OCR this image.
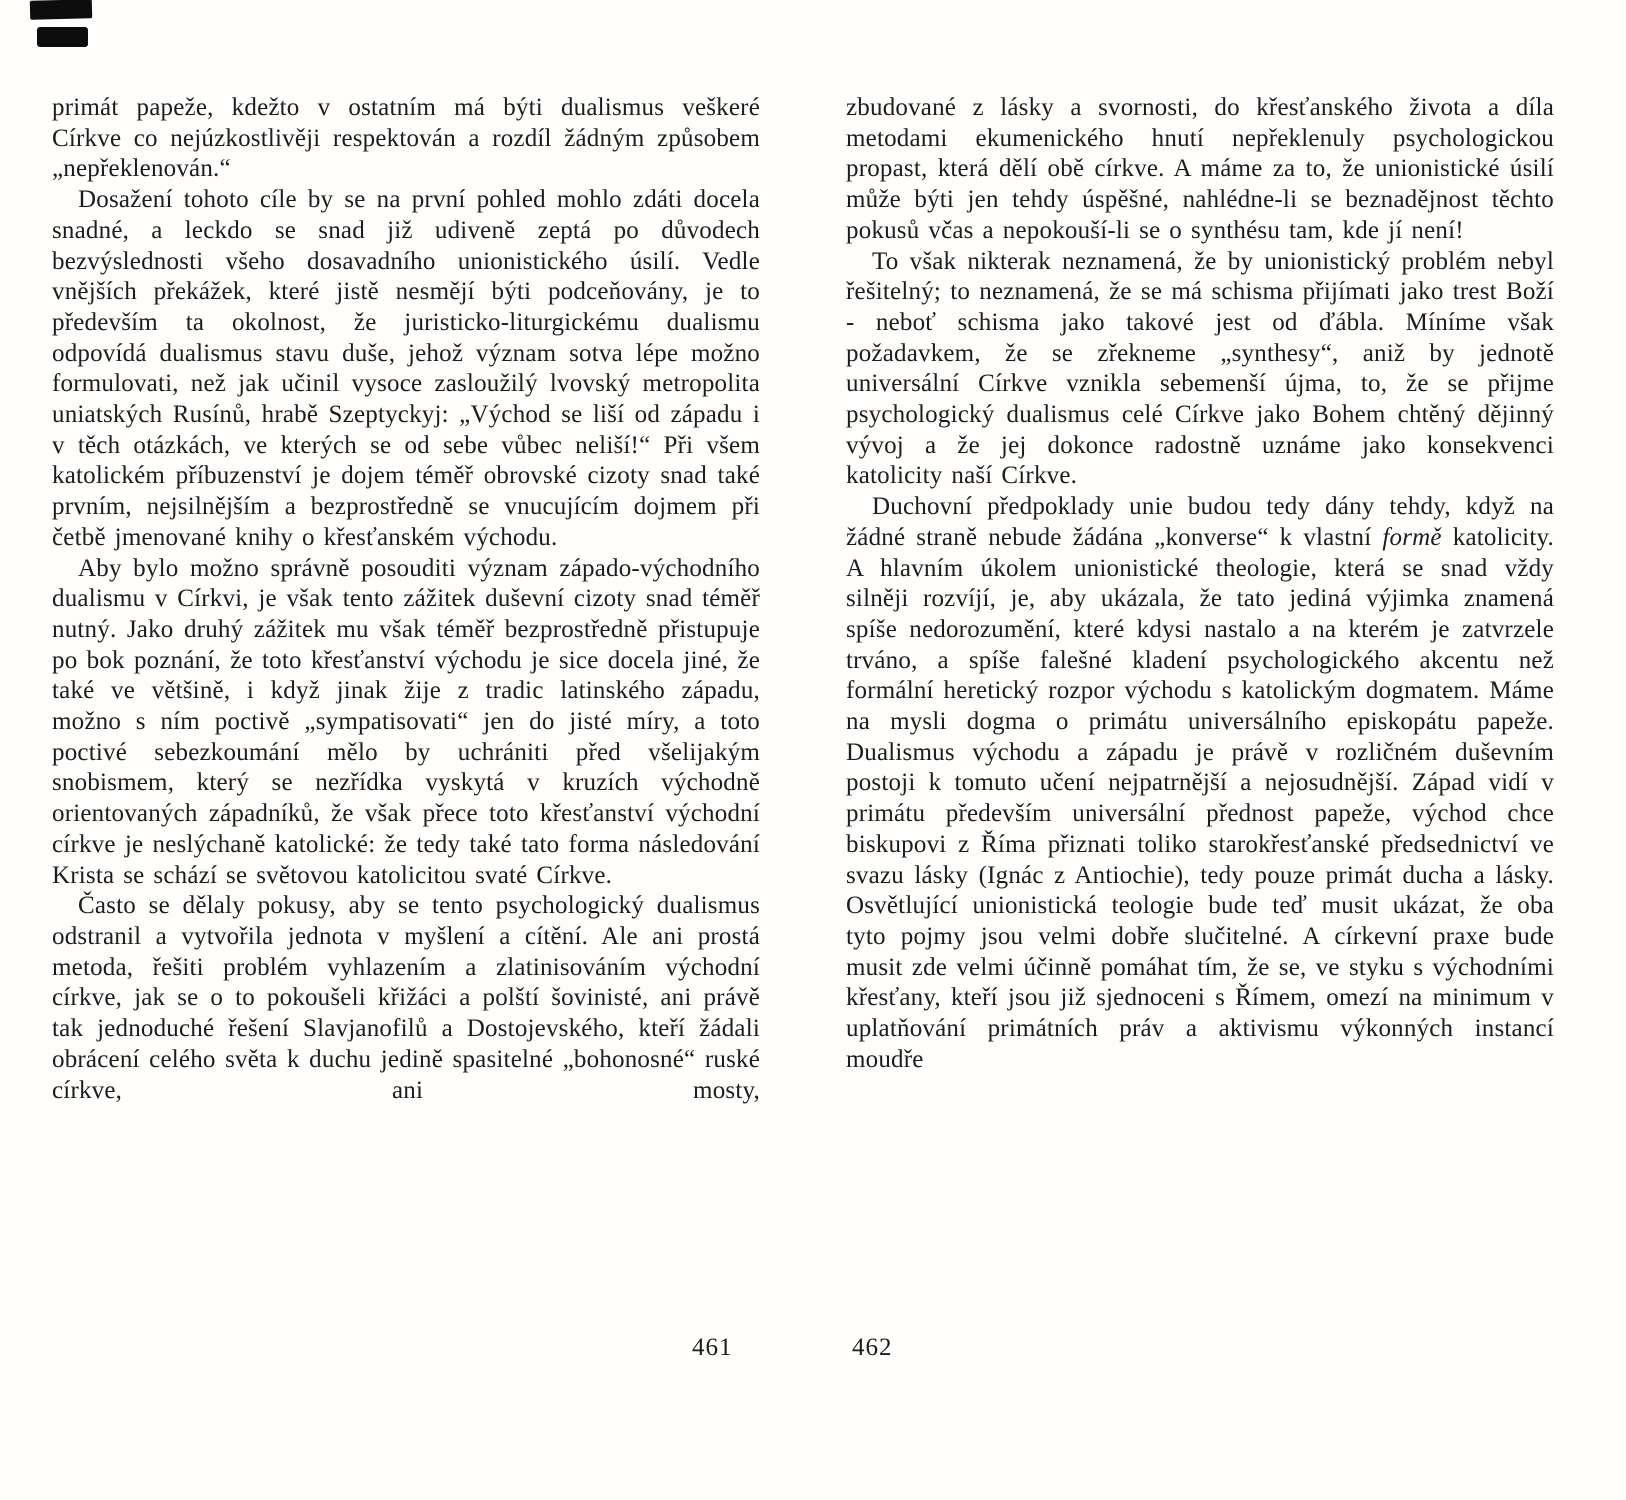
primát papeže, kdežto v ostatním má býti dualismus veškeré Církve co nejúzkostlivěji respektován a rozdíl žádným způsobem „nepřeklenován.“

Dosažení tohoto cíle by se na první pohled mohlo zdáti docela snadné, a leckdo se snad již udiveně zeptá po důvodech bezvýslednosti všeho dosavadního unionistického úsilí. Vedle vnějších překážek, které jistě nesmějí býti podceňovány, je to především ta okolnost, že juristicko-liturgickému dualismu odpovídá dualismus stavu duše, jehož význam sotva lépe možno formulovati, než jak učinil vysoce zasloužilý lvovský metropolita uniatských Rusínů, hrabě Szeptyckyj: „Východ se liší od západu i v těch otázkách, ve kterých se od sebe vůbec neliší!“ Při všem katolickém příbuzenství je dojem téměř obrovské cizoty snad také prvním, nejsilnějším a bezprostředně se vnucujícím dojmem při četbě jmenované knihy o křesťanském východu.

Aby bylo možno správně posouditi význam západo-východního dualismu v Církvi, je však tento zážitek duševní cizoty snad téměř nutný. Jako druhý zážitek mu však téměř bezprostředně přistupuje po bok poznání, že toto křesťanství východu je sice docela jiné, že také ve většině, i když jinak žije z tradic latinského západu, možno s ním poctivě „sympatisovati“ jen do jisté míry, a toto poctivé sebezkoumání mělo by uchrániti před všelijakým snobismem, který se nezřídka vyskytá v kruzích východně orientovaných západníků, že však přece toto křesťanství východní církve je neslýchaně katolické: že tedy také tato forma následování Krista se schází se světovou katolicitou svaté Církve.

Často se dělaly pokusy, aby se tento psychologický dualismus odstranil a vytvořila jednota v myšlení a cítění. Ale ani prostá metoda, řešiti problém vyhlazením a zlatinisováním východní církve, jak se o to pokoušeli křižáci a polští šovinisté, ani právě tak jednoduché řešení Slavjanofilů a Dostojevského, kteří žádali obrácení celého světa k duchu jedině spasitelné „bohonosné“ ruské církve, ani mosty,

zbudované z lásky a svornosti, do křesťanského života a díla metodami ekumenického hnutí nepřeklenuly psychologickou propast, která dělí obě církve. A máme za to, že unionistické úsilí může býti jen tehdy úspěšné, nahlédne-li se beznadějnost těchto pokusů včas a nepokouší-li se o synthésu tam, kde jí není!

To však nikterak neznamená, že by unionistický problém nebyl řešitelný; to neznamená, že se má schisma přijímati jako trest Boží - neboť schisma jako takové jest od ďábla. Míníme však požadavkem, že se zřekneme „synthesy“, aniž by jednotě universální Církve vznikla sebemenší újma, to, že se přijme psychologický dualismus celé Církve jako Bohem chtěný dějinný vývoj a že jej dokonce radostně uznáme jako konsekvenci katolicity naší Církve.

Duchovní předpoklady unie budou tedy dány tehdy, když na žádné straně nebude žádána „konverse“ k vlastní formě katolicity. A hlavním úkolem unionistické theologie, která se snad vždy silněji rozvíjí, je, aby ukázala, že tato jediná výjimka znamená spíše nedorozumění, které kdysi nastalo a na kterém je zatvrzele trváno, a spíše falešné kladení psychologického akcentu než formální heretický rozpor východu s katolickým dogmatem. Máme na mysli dogma o primátu universálního episkopátu papeže. Dualismus východu a západu je právě v rozličném duševním postoji k tomuto učení nejpatrnější a nejosudnější. Západ vidí v primátu především universální přednost papeže, východ chce biskupovi z Říma přiznati toliko starokřesťanské předsednictví ve svazu lásky (Ignác z Antiochie), tedy pouze primát ducha a lásky. Osvětlující unionistická teologie bude teď musit ukázat, že oba tyto pojmy jsou velmi dobře slučitelné. A církevní praxe bude musit zde velmi účinně pomáhat tím, že se, ve styku s východními křesťany, kteří jsou již sjednoceni s Římem, omezí na minimum v uplatňování primátních práv a aktivismu výkonných instancí moudře

461	462
